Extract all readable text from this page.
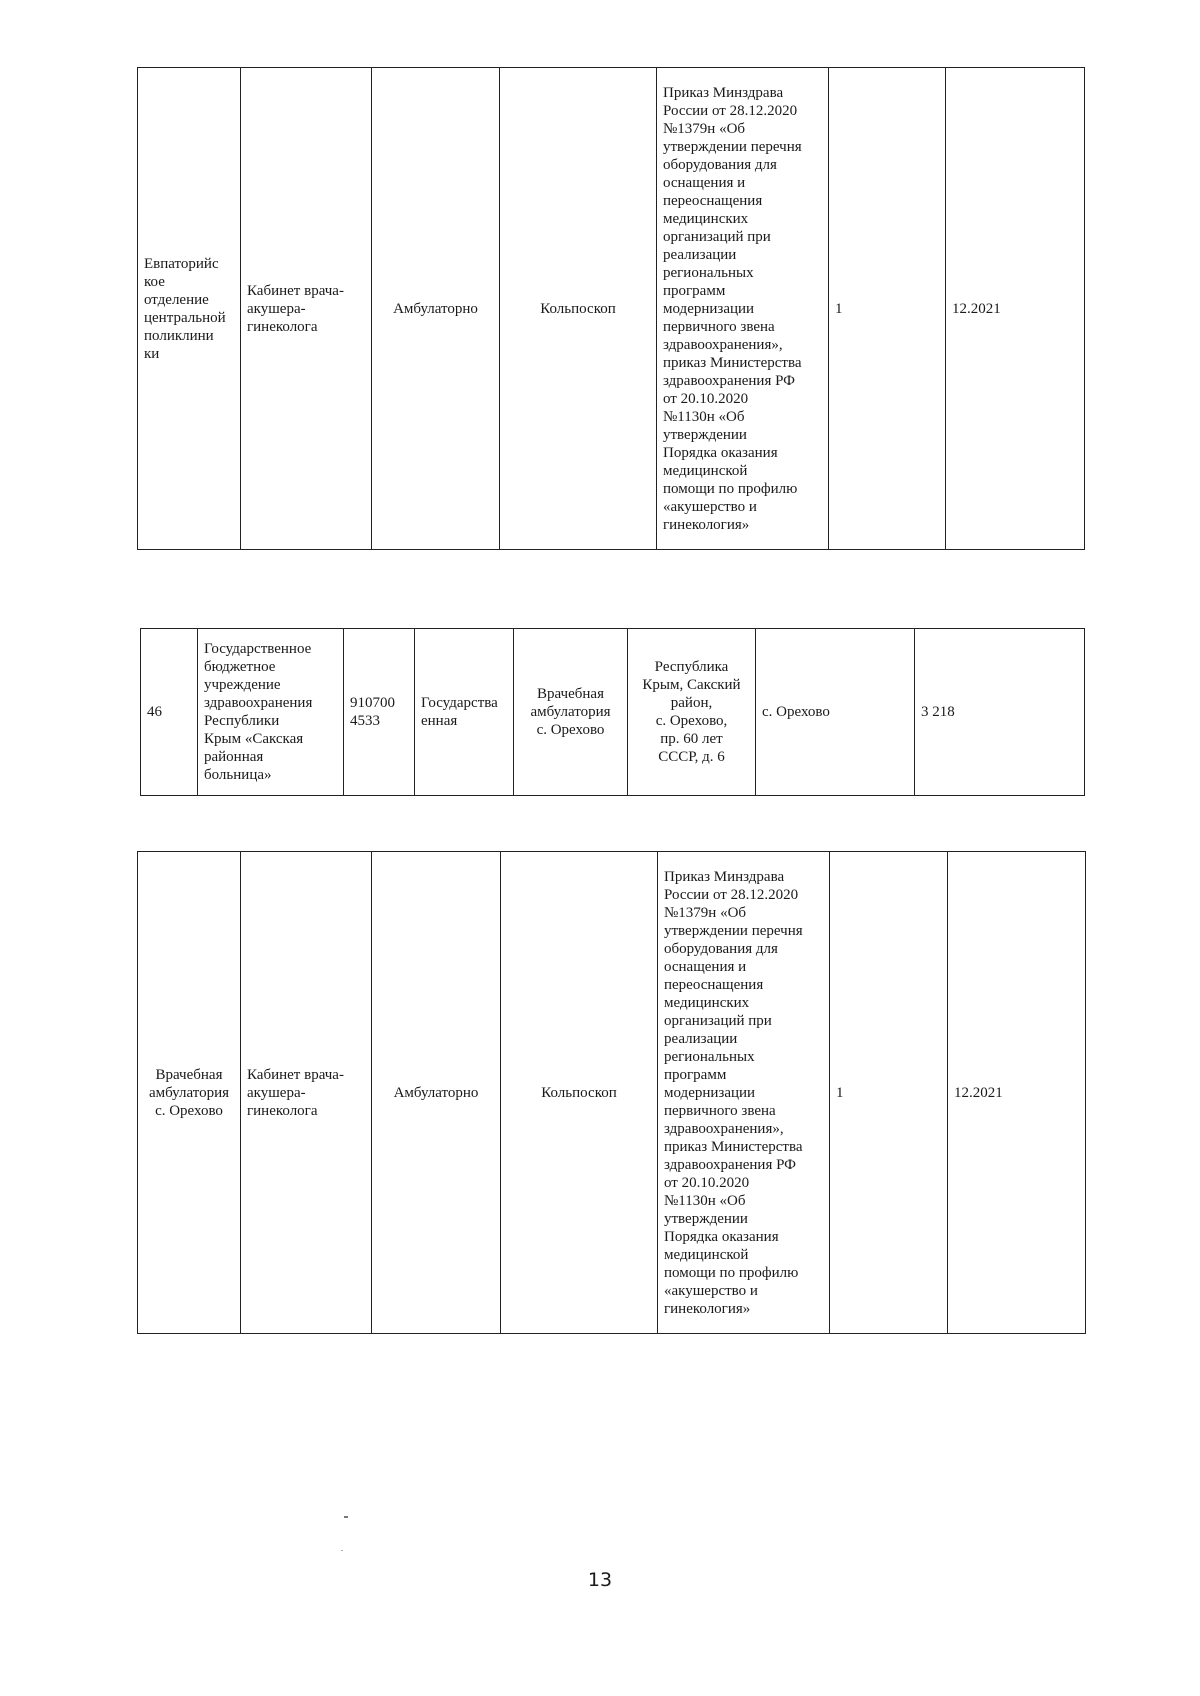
Евпаторийс
кое
отделение
центральной
поликлини
ки	Кабинет врача-
акушера-
гинеколога	Амбулаторно	Кольпоскоп	Приказ Минздрава
России от 28.12.2020
№1379н «Об
утверждении перечня
оборудования для
оснащения и
переоснащения
медицинских
организаций при
реализации
региональных
программ
модернизации
первичного звена
здравоохранения»,
приказ Министерства
здравоохранения РФ
от 20.10.2020
№1130н «Об
утверждении
Порядка оказания
медицинской
помощи по профилю
«акушерство и
гинекология»	1	12.2021
46	Государственное
бюджетное
учреждение
здравоохранения
Республики
Крым «Сакская
районная
больница»	910700
4533	Государства
енная	Врачебная
амбулатория
с. Орехово	Республика
Крым, Сакский
район,
с. Орехово,
пр. 60 лет
СССР, д. 6	с. Орехово	3 218
Врачебная
амбулатория
с. Орехово	Кабинет врача-
акушера-
гинеколога	Амбулаторно	Кольпоскоп	Приказ Минздрава
России от 28.12.2020
№1379н «Об
утверждении перечня
оборудования для
оснащения и
переоснащения
медицинских
организаций при
реализации
региональных
программ
модернизации
первичного звена
здравоохранения»,
приказ Министерства
здравоохранения РФ
от 20.10.2020
№1130н «Об
утверждении
Порядка оказания
медицинской
помощи по профилю
«акушерство и
гинекология»	1	12.2021
13
